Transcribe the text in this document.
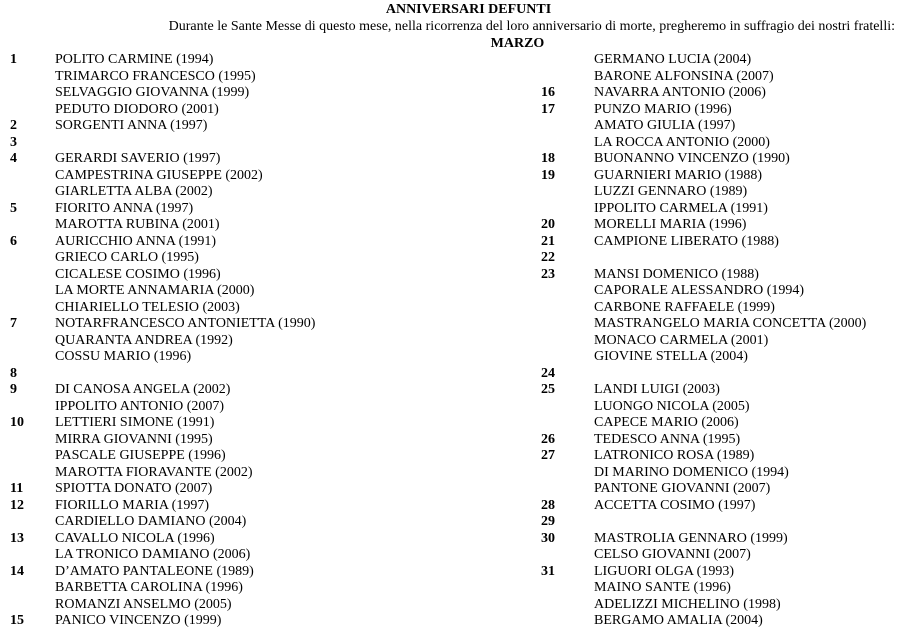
ANNIVERSARI DEFUNTI
Durante le Sante Messe di questo mese, nella ricorrenza del loro anniversario di morte, pregheremo in suffragio dei nostri fratelli:
MARZO
1	POLITO CARMINE (1994)
TRIMARCO FRANCESCO (1995)
SELVAGGIO GIOVANNA (1999)
PEDUTO DIODORO (2001)
2	SORGENTI ANNA (1997)
3
4	GERARDI SAVERIO (1997)
CAMPESTRINA GIUSEPPE (2002)
GIARLETTA ALBA (2002)
5	FIORITO ANNA (1997)
MAROTTA RUBINA (2001)
6	AURICCHIO ANNA (1991)
GRIECO CARLO (1995)
CICALESE COSIMO (1996)
LA MORTE ANNAMARIA (2000)
CHIARIELLO TELESIO (2003)
7	NOTARFRANCESCO ANTONIETTA (1990)
QUARANTA ANDREA (1992)
COSSU MARIO (1996)
8
9	DI CANOSA ANGELA (2002)
IPPOLITO ANTONIO (2007)
10	LETTIERI SIMONE (1991)
MIRRA GIOVANNI (1995)
PASCALE GIUSEPPE (1996)
MAROTTA FIORAVANTE (2002)
11	SPIOTTA DONATO (2007)
12	FIORILLO MARIA (1997)
CARDIELLO DAMIANO (2004)
13	CAVALLO NICOLA (1996)
LA TRONICO DAMIANO (2006)
14	D’AMATO PANTALEONE (1989)
BARBETTA CAROLINA (1996)
ROMANZI ANSELMO (2005)
15	PANICO VINCENZO (1999)
GERMANO LUCIA (2004)
BARONE ALFONSINA (2007)
16	NAVARRA ANTONIO (2006)
17	PUNZO MARIO (1996)
AMATO GIULIA (1997)
LA ROCCA ANTONIO (2000)
18	BUONANNO VINCENZO (1990)
19	GUARNIERI MARIO (1988)
LUZZI GENNARO (1989)
IPPOLITO CARMELA (1991)
20	MORELLI MARIA (1996)
21	CAMPIONE LIBERATO (1988)
22
23	MANSI DOMENICO (1988)
CAPORALE ALESSANDRO (1994)
CARBONE RAFFAELE (1999)
MASTRANGELO MARIA CONCETTA (2000)
MONACO CARMELA (2001)
GIOVINE STELLA (2004)
24
25	LANDI LUIGI (2003)
LUONGO NICOLA (2005)
CAPECE MARIO (2006)
26	TEDESCO ANNA (1995)
27	LATRONICO ROSA (1989)
DI MARINO DOMENICO (1994)
PANTONE GIOVANNI (2007)
28	ACCETTA COSIMO (1997)
29
30	MASTROLIA GENNARO (1999)
CELSO GIOVANNI (2007)
31	LIGUORI OLGA (1993)
MAINO SANTE (1996)
ADELIZZI MICHELINO (1998)
BERGAMO AMALIA (2004)
